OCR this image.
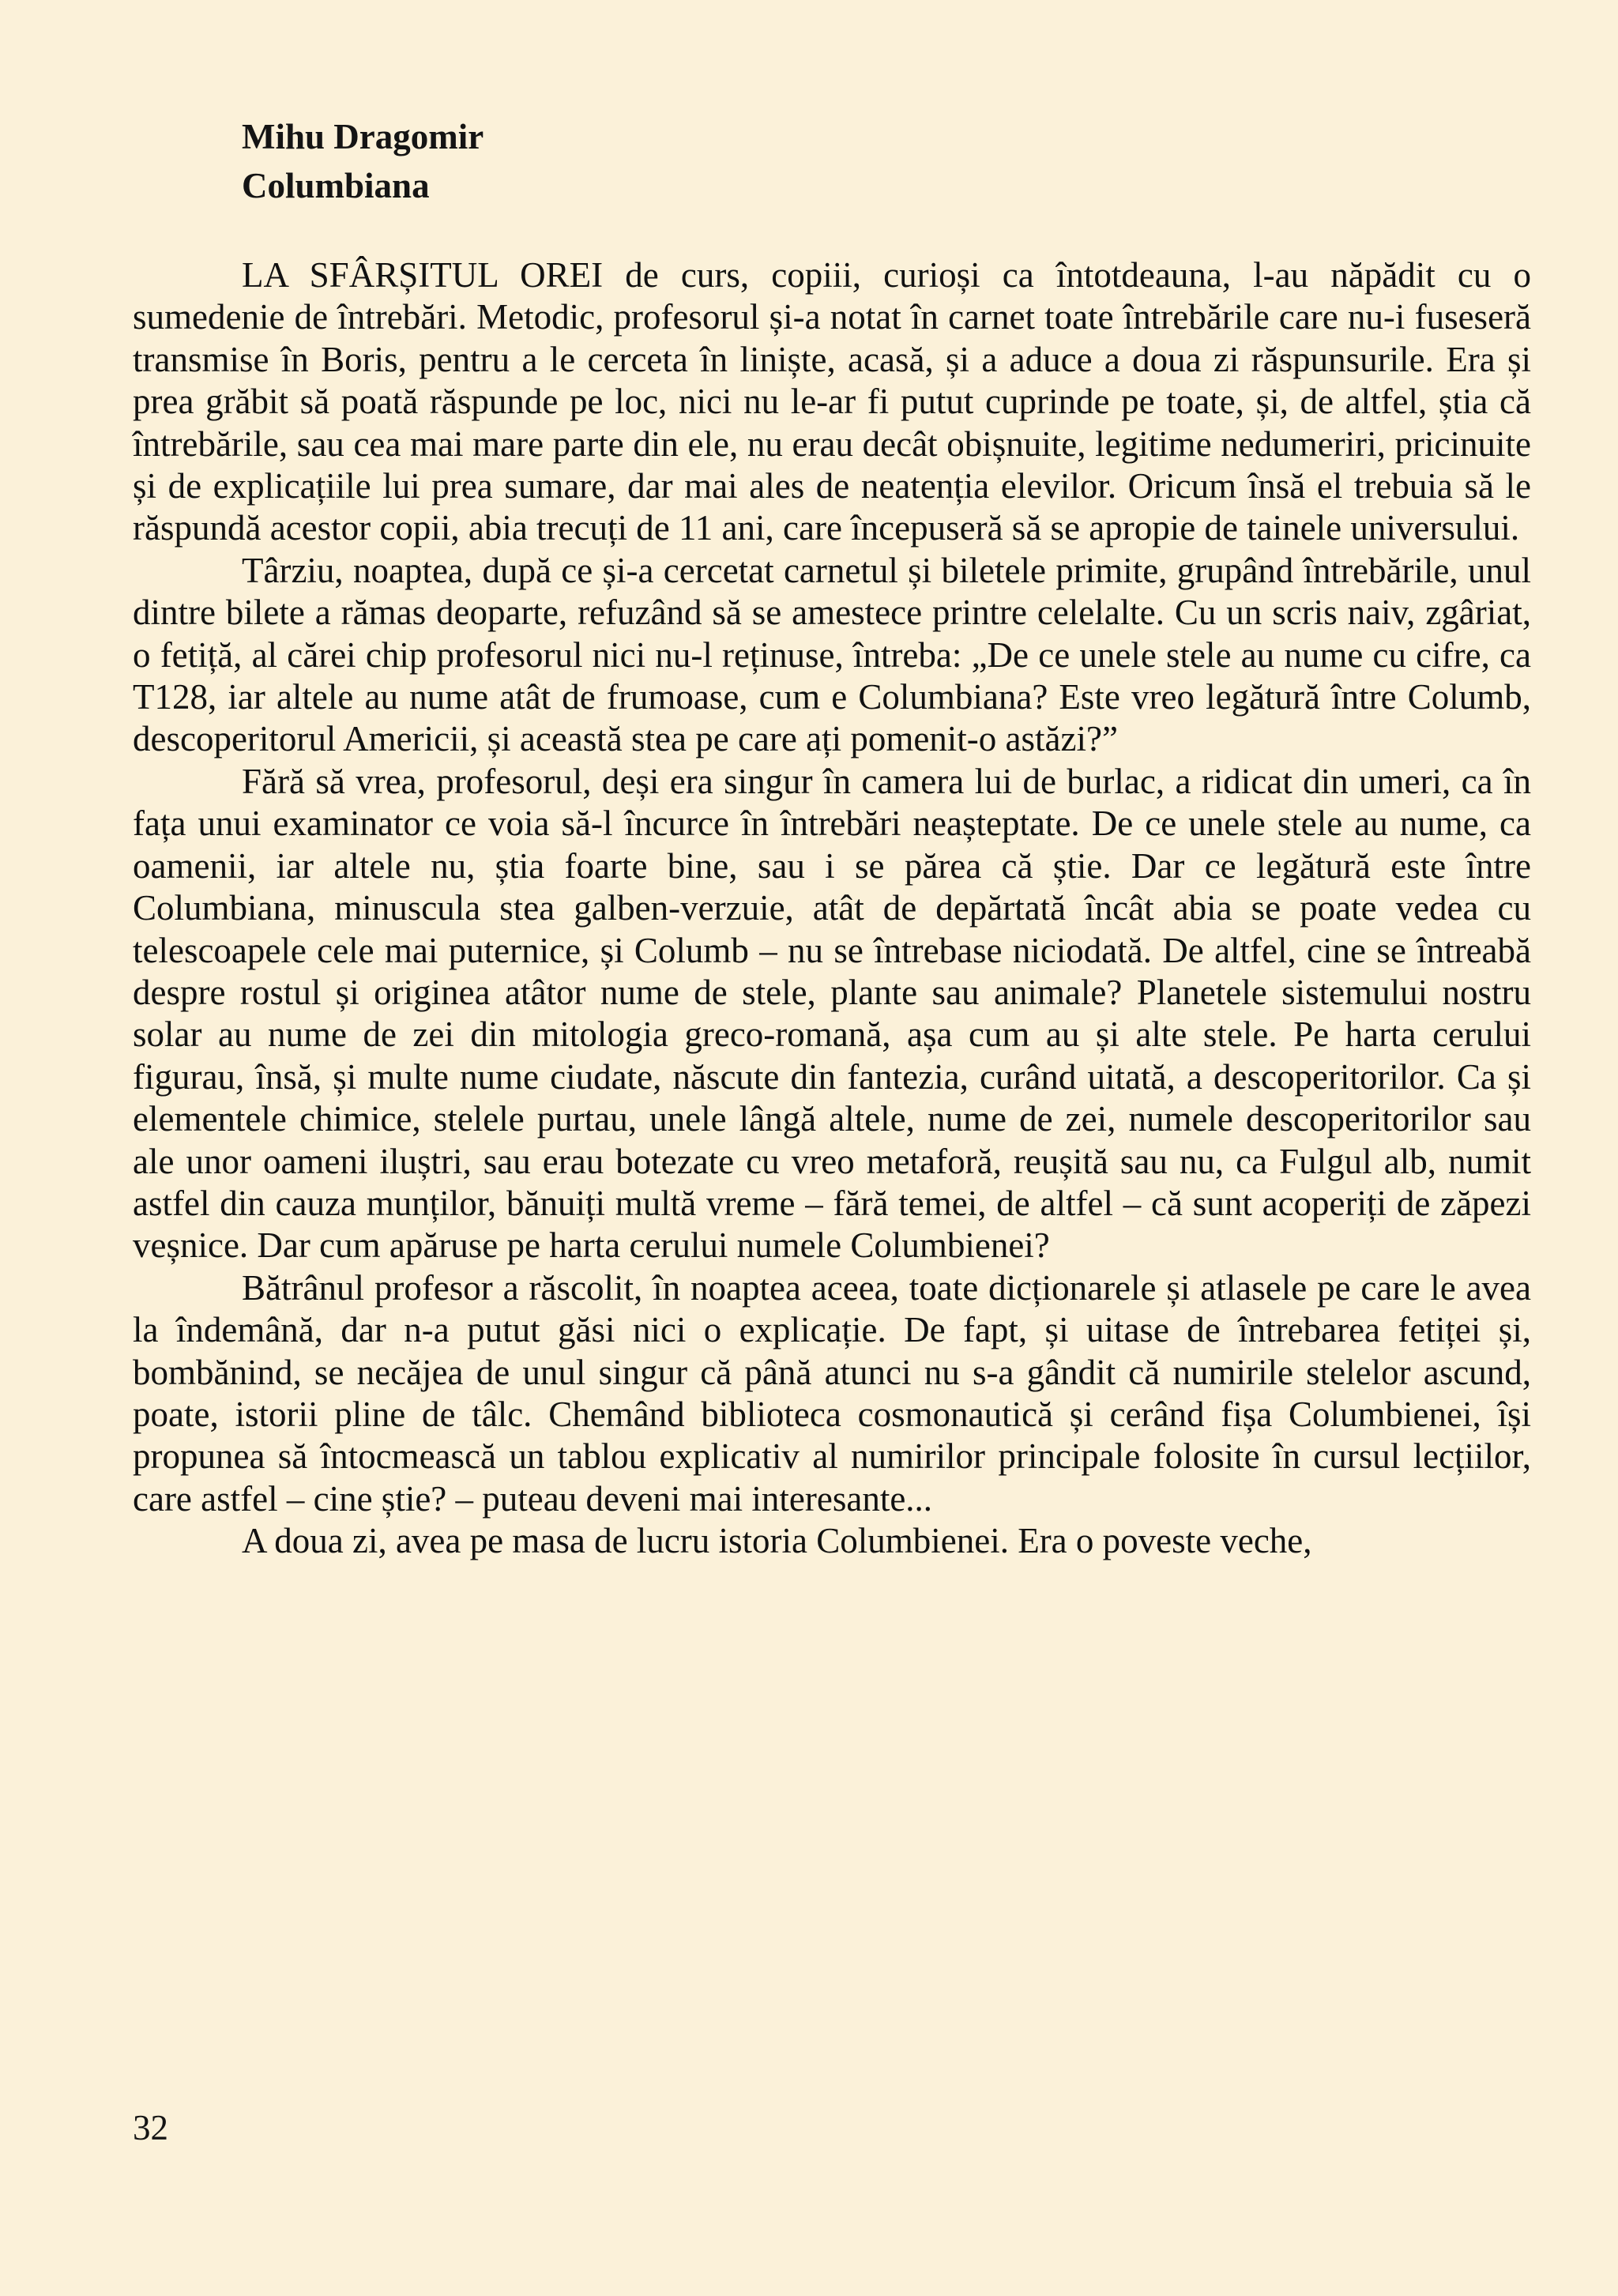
Mihu Dragomir
Columbiana

LA SFÂRȘITUL OREI de curs, copiii, curioși ca întotdeauna, l-au năpădit cu o sumedenie de întrebări. Metodic, profesorul și-a notat în carnet toate întrebările care nu-i fuseseră transmise în Boris, pentru a le cerceta în liniște, acasă, și a aduce a doua zi răspunsurile. Era și prea grăbit să poată răspunde pe loc, nici nu le-ar fi putut cuprinde pe toate, și, de altfel, știa că întrebările, sau cea mai mare parte din ele, nu erau decât obișnuite, legitime nedumeriri, pricinuite și de explicațiile lui prea sumare, dar mai ales de neatenția elevilor. Oricum însă el trebuia să le răspundă acestor copii, abia trecuți de 11 ani, care începuseră să se apropie de tainele universului.

Târziu, noaptea, după ce și-a cercetat carnetul și biletele primite, grupând întrebările, unul dintre bilete a rămas deoparte, refuzând să se amestece printre celelalte. Cu un scris naiv, zgâriat, o fetiță, al cărei chip profesorul nici nu-l reținuse, întreba: „De ce unele stele au nume cu cifre, ca T128, iar altele au nume atât de frumoase, cum e Columbiana? Este vreo legătură între Columb, descoperitorul Americii, și această stea pe care ați pomenit-o astăzi?”

Fără să vrea, profesorul, deși era singur în camera lui de burlac, a ridicat din umeri, ca în fața unui examinator ce voia să-l încurce în întrebări neașteptate. De ce unele stele au nume, ca oamenii, iar altele nu, știa foarte bine, sau i se părea că știe. Dar ce legătură este între Columbiana, minuscula stea galben-verzuie, atât de depărtată încât abia se poate vedea cu telescoapele cele mai puternice, și Columb – nu se întrebase niciodată. De altfel, cine se întreabă despre rostul și originea atâtor nume de stele, plante sau animale? Planetele sistemului nostru solar au nume de zei din mitologia greco-romană, așa cum au și alte stele. Pe harta cerului figurau, însă, și multe nume ciudate, născute din fantezia, curând uitată, a descoperitorilor. Ca și elementele chimice, stelele purtau, unele lângă altele, nume de zei, numele descoperitorilor sau ale unor oameni iluștri, sau erau botezate cu vreo metaforă, reușită sau nu, ca Fulgul alb, numit astfel din cauza munților, bănuiți multă vreme – fără temei, de altfel – că sunt acoperiți de zăpezi veșnice. Dar cum apăruse pe harta cerului numele Columbienei?

Bătrânul profesor a răscolit, în noaptea aceea, toate dicționarele și atlasele pe care le avea la îndemână, dar n-a putut găsi nici o explicație. De fapt, și uitase de întrebarea fetiței și, bombănind, se necăjea de unul singur că până atunci nu s-a gândit că numirile stelelor ascund, poate, istorii pline de tâlc. Chemând biblioteca cosmonautică și cerând fișa Columbienei, își propunea să întocmească un tablou explicativ al numirilor principale folosite în cursul lecțiilor, care astfel – cine știe? – puteau deveni mai interesante...

A doua zi, avea pe masa de lucru istoria Columbienei. Era o poveste veche,

32
